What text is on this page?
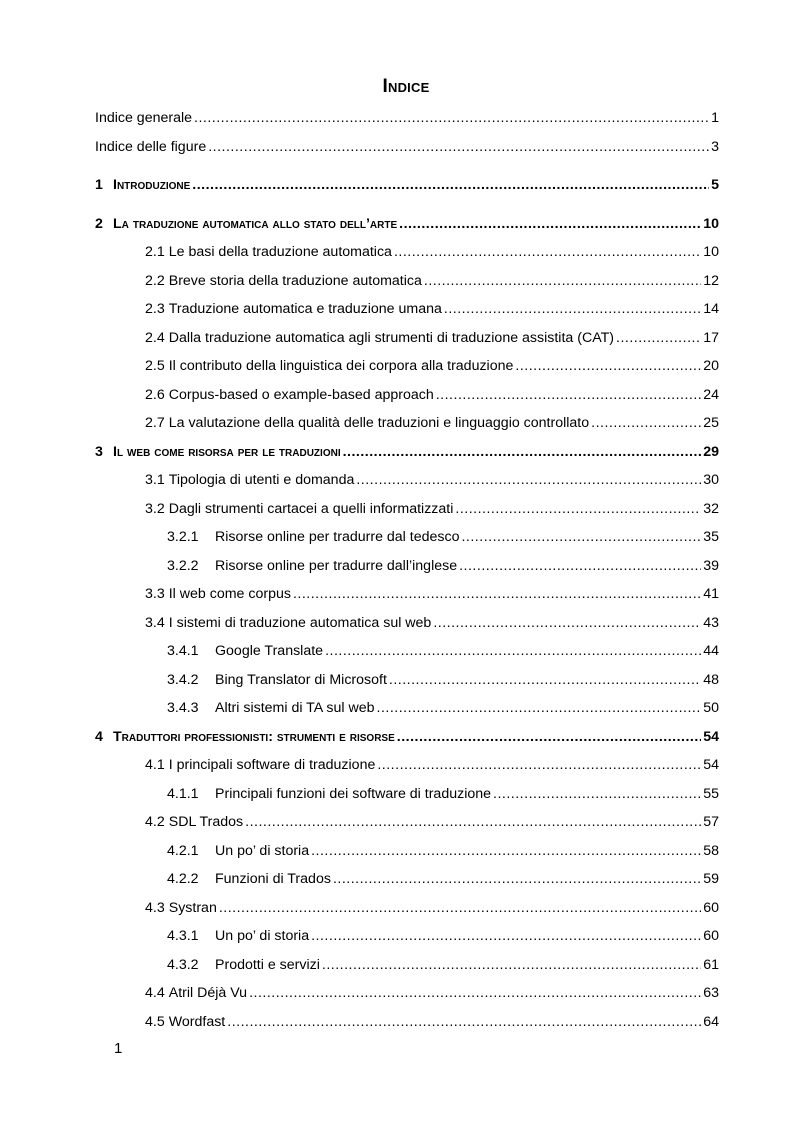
Indice
Indice generale .....	1
Indice delle figure .....	3
1 Introduzione .....	5
2 La traduzione automatica allo stato dell’arte .....	10
2.1 Le basi della traduzione automatica .....	10
2.2 Breve storia della traduzione automatica .....	12
2.3 Traduzione automatica e traduzione umana .....	14
2.4 Dalla traduzione automatica agli strumenti di traduzione assistita (CAT) .....	17
2.5 Il contributo della linguistica dei corpora alla traduzione .....	20
2.6 Corpus-based o example-based approach .....	24
2.7 La valutazione della qualità delle traduzioni e linguaggio controllato .....	25
3 Il web come risorsa per le traduzioni .....	29
3.1 Tipologia di utenti e domanda .....	30
3.2 Dagli strumenti cartacei a quelli informatizzati .....	32
3.2.1	Risorse online per tradurre dal tedesco .....	35
3.2.2	Risorse online per tradurre dall’inglese .....	39
3.3 Il web come corpus .....	41
3.4 I sistemi di traduzione automatica sul web .....	43
3.4.1	Google Translate .....	44
3.4.2	Bing Translator di Microsoft .....	48
3.4.3	Altri sistemi di TA sul web .....	50
4 Traduttori professionisti: strumenti e risorse .....	54
4.1 I principali software di traduzione .....	54
4.1.1	Principali funzioni dei software di traduzione .....	55
4.2 SDL Trados .....	57
4.2.1	Un po’ di storia .....	58
4.2.2	Funzioni di Trados .....	59
4.3 Systran .....	60
4.3.1	Un po’ di storia .....	60
4.3.2	Prodotti e servizi .....	61
4.4 Atril Déjà Vu .....	63
4.5 Wordfast .....	64
1
